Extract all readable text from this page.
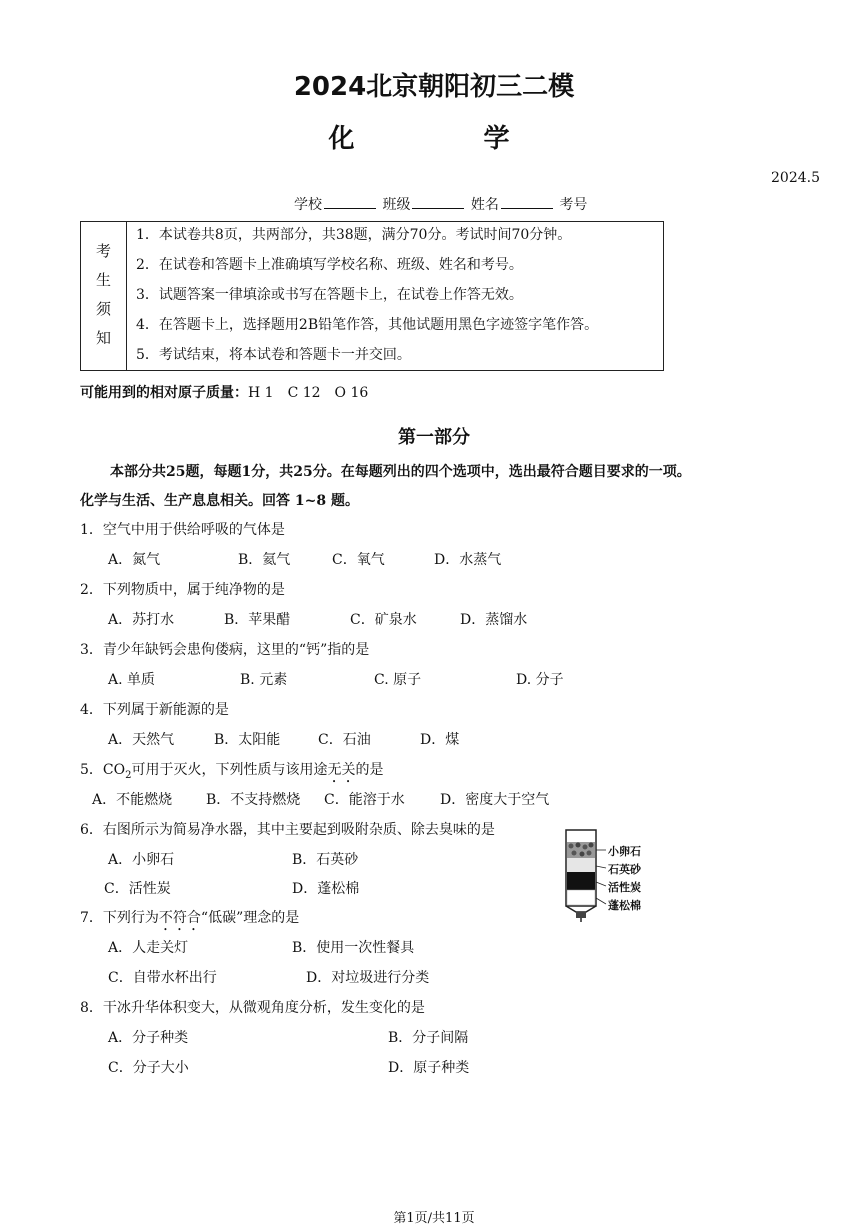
2024北京朝阳初三二模
化 学
2024.5
学校	班级	姓名	考号
考
生
须
知
1．本试卷共8页，共两部分，共38题，满分70分。考试时间70分钟。
2．在试卷和答题卡上准确填写学校名称、班级、姓名和考号。
3．试题答案一律填涂或书写在答题卡上，在试卷上作答无效。
4．在答题卡上，选择题用2B铅笔作答，其他试题用黑色字迹签字笔作答。
5．考试结束，将本试卷和答题卡一并交回。
可能用到的相对原子质量：H 1　C 12　O 16
第一部分
本部分共25题，每题1分，共25分。在每题列出的四个选项中，选出最符合题目要求的一项。
化学与生活、生产息息相关。回答 1~8 题。
1．空气中用于供给呼吸的气体是
A．氮气	B．氦气	C．氧气	D．水蒸气
2．下列物质中，属于纯净物的是
A．苏打水	B．苹果醋	C．矿泉水	D．蒸馏水
3．青少年缺钙会患佝偻病，这里的“钙”指的是
A. 单质	B. 元素	C. 原子	D. 分子
4．下列属于新能源的是
A．天然气	B．太阳能	C．石油	D．煤
5．$CO_2$可用于灭火，下列性质与该用途无关的是
A．不能燃烧 B．不支持燃烧 C．能溶于水	D．密度大于空气
6．右图所示为简易净水器，其中主要起到吸附杂质、除去臭味的是
A．小卵石	B．石英砂
C．活性炭	D．蓬松棉
小卵石
石英砂
活性炭
蓬松棉
7．下列行为不符合“低碳”理念的是
A．人走关灯	B．使用一次性餐具
C．自带水杯出行	D．对垃圾进行分类
8．干冰升华体积变大，从微观角度分析，发生变化的是
A．分子种类	B．分子间隔
C．分子大小	D．原子种类
第1页/共11页
